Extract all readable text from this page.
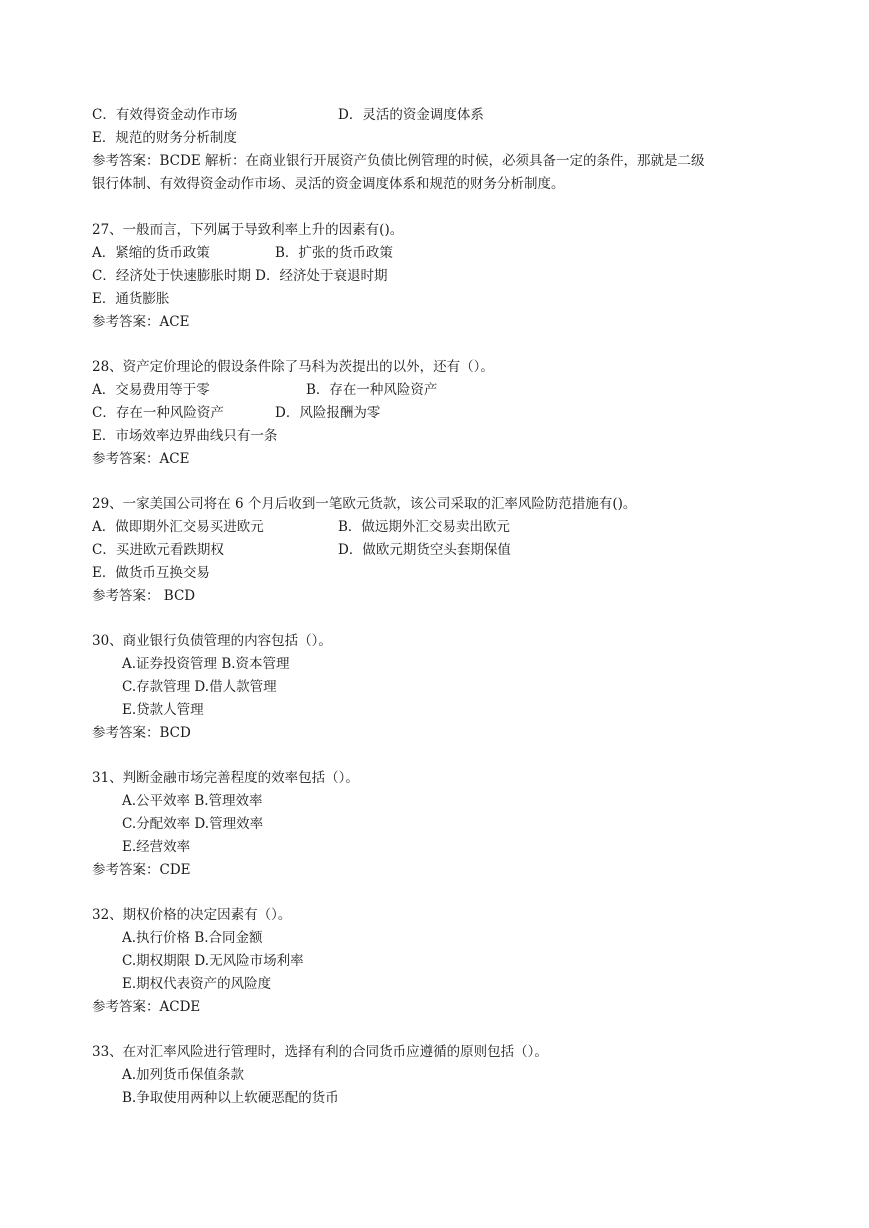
C．有效得资金动作市场	D．灵活的资金调度体系
E．规范的财务分析制度
参考答案：BCDE 解析：在商业银行开展资产负债比例管理的时候，必须具备一定的条件，那就是二级
银行体制、有效得资金动作市场、灵活的资金调度体系和规范的财务分析制度。
27、一般而言，下列属于导致利率上升的因素有()。
A．紧缩的货币政策	B．扩张的货币政策
C．经济处于快速膨胀时期 D．经济处于衰退时期
E．通货膨胀
参考答案：ACE
28、资产定价理论的假设条件除了马科为茨提出的以外，还有（）。
A．交易费用等于零	B．存在一种风险资产
C．存在一种风险资产	D．风险报酬为零
E．市场效率边界曲线只有一条
参考答案：ACE
29、一家美国公司将在 6 个月后收到一笔欧元货款，该公司采取的汇率风险防范措施有()。
A．做即期外汇交易买进欧元	B．做远期外汇交易卖出欧元
C．买进欧元看跌期权	D．做欧元期货空头套期保值
E．做货币互换交易
参考答案： BCD
30、商业银行负债管理的内容包括（）。
A.证券投资管理 B.资本管理
C.存款管理 D.借人款管理
E.贷款人管理
参考答案：BCD
31、判断金融市场完善程度的效率包括（）。
A.公平效率 B.管理效率
C.分配效率 D.管理效率
E.经营效率
参考答案：CDE
32、期权价格的决定因素有（）。
A.执行价格 B.合同金额
C.期权期限 D.无风险市场利率
E.期权代表资产的风险度
参考答案：ACDE
33、在对汇率风险进行管理时，选择有利的合同货币应遵循的原则包括（）。
A.加列货币保值条款
B.争取使用两种以上软硬恶配的货币
